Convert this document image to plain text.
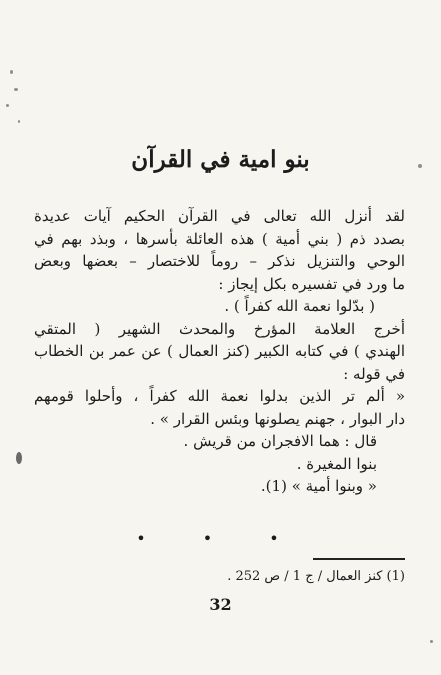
بنو امية في القرآن
لقد أنزل الله تعالى في القرآن الحكيم آيات عديدة
بصدد ذم ( بني أمية ) هذه العائلة بأسرها ، وبذد بهم في
الوحي والتنزيل نذكر – روماً للاختصار – بعضها وبعض
ما ورد في تفسيره بكل إيجاز :
( بدّلوا نعمة الله كفراً ) .
أخرج العلامة المؤرخ والمحدث الشهير ( المتقي
الهندي ) في كتابه الكبير (كنز العمال ) عن عمر بن الخطاب
في قوله :
« ألم تر الذين بدلوا نعمة الله كفراً ، وأحلوا قومهم
دار البوار ، جهنم يصلونها وبئس القرار » .
قال : هما الافجران من قريش .
بنوا المغيرة .
« وبنوا أمية » (1).
• • •
(1) كنز العمال / ج 1 / ص 252 .
32
